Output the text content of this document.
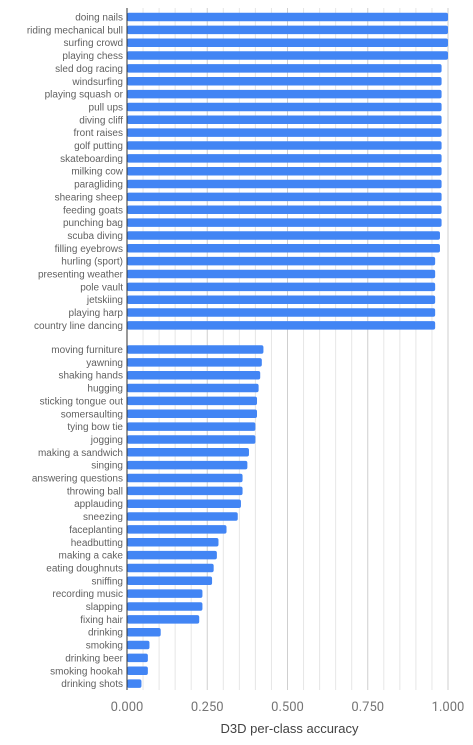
doing nails
riding mechanical bull
surfing crowd
playing chess
sled dog racing
windsurfing
playing squash or
pull ups
diving cliff
front raises
golf putting
skateboarding
milking cow
paragliding
shearing sheep
feeding goats
punching bag
scuba diving
filling eyebrows
hurling (sport)
presenting weather
pole vault
jetskiing
playing harp
country line dancing
moving furniture
yawning
shaking hands
hugging
sticking tongue out
somersaulting
tying bow tie
jogging
making a sandwich
singing
answering questions
throwing ball
applauding
sneezing
faceplanting
headbutting
making a cake
eating doughnuts
sniffing
recording music
slapping
fixing hair
drinking
smoking
drinking beer
smoking hookah
drinking shots
0.000	0.250	0.500	0.750	1.000
D3D per-class accuracy
